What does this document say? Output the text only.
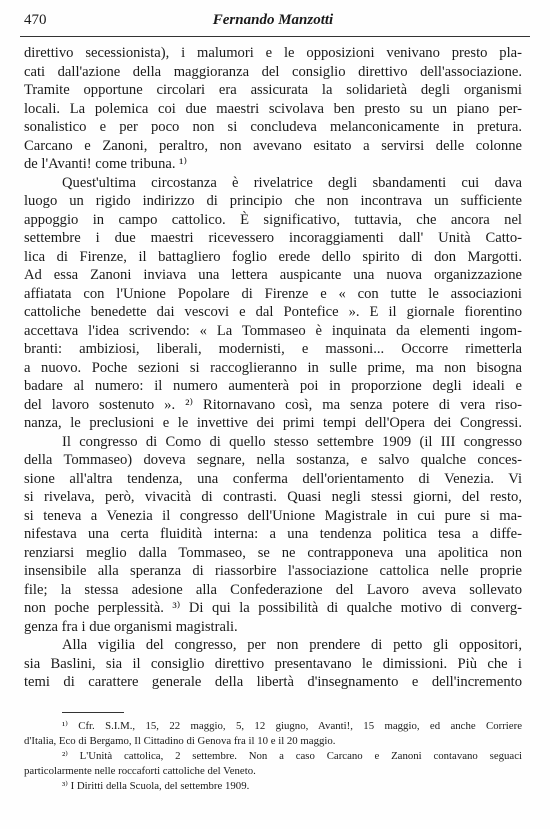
470	Fernando Manzotti
direttivo secessionista), i malumori e le opposizioni venivano presto pla-
cati dall'azione della maggioranza del consiglio direttivo dell'associazione.
Tramite opportune circolari era assicurata la solidarietà degli organismi
locali. La polemica coi due maestri scivolava ben presto su un piano per-
sonalistico e per poco non si concludeva melanconicamente in pretura.
Carcano e Zanoni, peraltro, non avevano esitato a servirsi delle colonne
de l'Avanti! come tribuna. ¹⁾
Quest'ultima circostanza è rivelatrice degli sbandamenti cui dava
luogo un rigido indirizzo di principio che non incontrava un sufficiente
appoggio in campo cattolico. È significativo, tuttavia, che ancora nel
settembre i due maestri ricevessero incoraggiamenti dall' Unità Catto-
lica di Firenze, il battagliero foglio erede dello spirito di don Margotti.
Ad essa Zanoni inviava una lettera auspicante una nuova organizzazione
affiatata con l'Unione Popolare di Firenze e « con tutte le associazioni
cattoliche benedette dai vescovi e dal Pontefice ». E il giornale fiorentino
accettava l'idea scrivendo: « La Tommaseo è inquinata da elementi ingom-
branti: ambiziosi, liberali, modernisti, e massoni... Occorre rimetterla
a nuovo. Poche sezioni si raccoglieranno in sulle prime, ma non bisogna
badare al numero: il numero aumenterà poi in proporzione degli ideali e
del lavoro sostenuto ». ²⁾ Ritornavano così, ma senza potere di vera riso-
nanza, le preclusioni e le invettive dei primi tempi dell'Opera dei Congressi.
Il congresso di Como di quello stesso settembre 1909 (il III congresso
della Tommaseo) doveva segnare, nella sostanza, e salvo qualche conces-
sione all'altra tendenza, una conferma dell'orientamento di Venezia. Vi
si rivelava, però, vivacità di contrasti. Quasi negli stessi giorni, del resto,
si teneva a Venezia il congresso dell'Unione Magistrale in cui pure si ma-
nifestava una certa fluidità interna: a una tendenza politica tesa a diffe-
renziarsi meglio dalla Tommaseo, se ne contrapponeva una apolitica non
insensibile alla speranza di riassorbire l'associazione cattolica nelle proprie
file; la stessa adesione alla Confederazione del Lavoro aveva sollevato
non poche perplessità. ³⁾ Di qui la possibilità di qualche motivo di converg-
genza fra i due organismi magistrali.
Alla vigilia del congresso, per non prendere di petto gli oppositori,
sia Baslini, sia il consiglio direttivo presentavano le dimissioni. Più che i
temi di carattere generale della libertà d'insegnamento e dell'incremento
¹⁾ Cfr. S.I.M., 15, 22 maggio, 5, 12 giugno, Avanti!, 15 maggio, ed anche Corriere
d'Italia, Eco di Bergamo, Il Cittadino di Genova fra il 10 e il 20 maggio.
²⁾ L'Unità cattolica, 2 settembre. Non a caso Carcano e Zanoni contavano seguaci
particolarmente nelle roccaforti cattoliche del Veneto.
³⁾ I Diritti della Scuola, del settembre 1909.
